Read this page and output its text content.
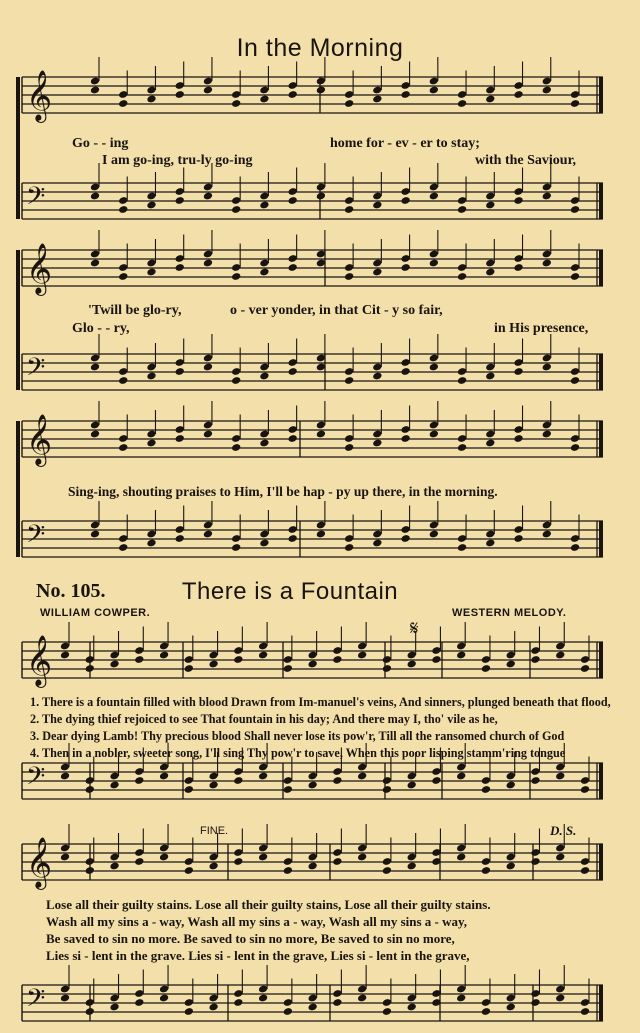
𝄞
𝄢
𝄞
𝄢
𝄞
𝄢
𝄞
𝄢
𝄞
𝄢
In the Morning
Go - - ing	home for - ev - er to stay;
I am go-ing, tru-ly go-ing	with the Saviour,
'Twill be glo-ry,	o - ver yonder, in that Cit - y so fair,
Glo - - ry,	in His presence,
Sing-ing, shouting praises to Him, I'll be hap - py up there, in the morning.
No. 105.	There is a Fountain
WILLIAM COWPER.	WESTERN MELODY.
𝄋
1. There is a fountain filled with blood Drawn from Im-manuel's veins, And sinners, plunged beneath that flood,
2. The dying thief rejoiced to see That fountain in his day; And there may I, tho' vile as he,
3. Dear dying Lamb! Thy precious blood Shall never lose its pow'r, Till all the ransomed church of God
4. Then in a nobler, sweeter song, I'll sing Thy pow'r to save, When this poor lisping stamm'ring tongue
FINE.	D. S.
Lose all their guilty stains. Lose all their guilty stains, Lose all their guilty stains.
Wash all my sins a - way, Wash all my sins a - way, Wash all my sins a - way,
Be saved to sin no more. Be saved to sin no more, Be saved to sin no more,
Lies si - lent in the grave. Lies si - lent in the grave, Lies si - lent in the grave,
